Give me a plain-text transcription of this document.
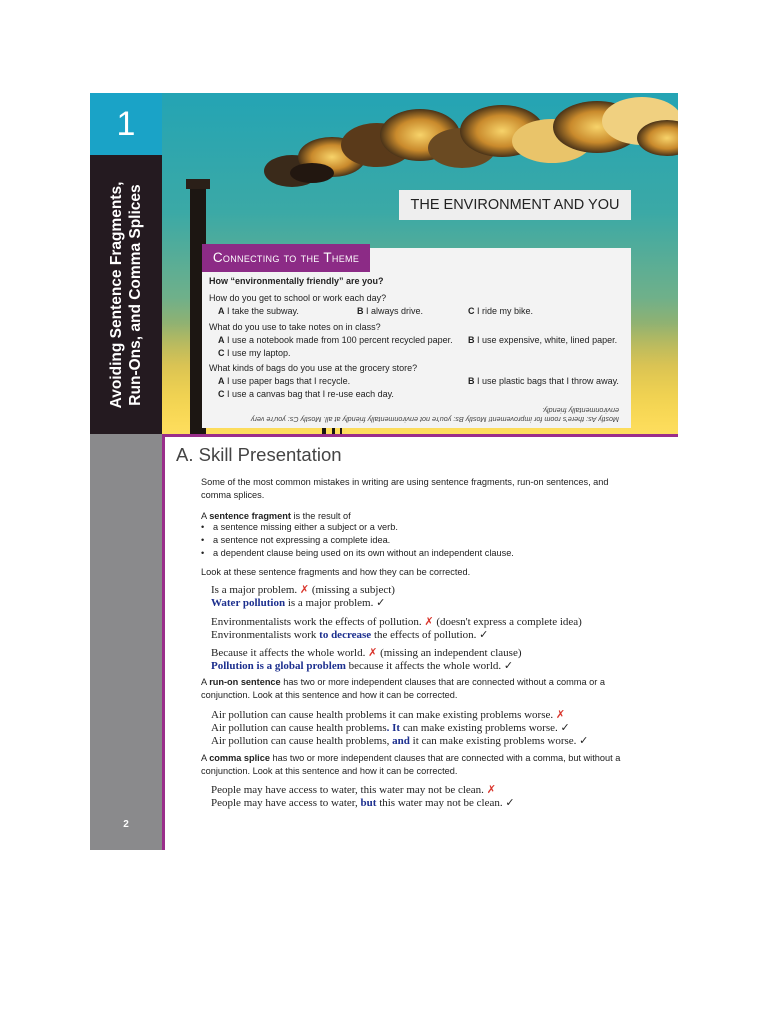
1
Avoiding Sentence Fragments, Run-Ons, and Comma Splices
2
How “environmentally friendly” are you?
How do you get to school or work each day?
A I take the subway.	B I always drive.	C I ride my bike.
What do you use to take notes on in class?
A I use a notebook made from 100 percent recycled paper. B I use expensive, white, lined paper.
C I use my laptop.
What kinds of bags do you use at the grocery store?
A I use paper bags that I recycle.	B I use plastic bags that I throw away.
C I use a canvas bag that I re-use each day.
Mostly As: there's room for improvement! Mostly Bs: you're not environmentally friendly at all. Mostly Cs: you're very environmentally friendly.
THE ENVIRONMENT AND YOU
Connecting to the Theme
A. Skill Presentation
Some of the most common mistakes in writing are using sentence fragments, run-on sentences, and comma splices.
A sentence fragment is the result of
• a sentence missing either a subject or a verb.
• a sentence not expressing a complete idea.
• a dependent clause being used on its own without an independent clause.
Look at these sentence fragments and how they can be corrected.
Is a major problem. ✗ (missing a subject)
Water pollution is a major problem. ✓
Environmentalists work the effects of pollution. ✗ (doesn't express a complete idea)
Environmentalists work to decrease the effects of pollution. ✓
Because it affects the whole world. ✗ (missing an independent clause)
Pollution is a global problem because it affects the whole world. ✓
A run-on sentence has two or more independent clauses that are connected without a comma or a conjunction. Look at this sentence and how it can be corrected.
Air pollution can cause health problems it can make existing problems worse. ✗
Air pollution can cause health problems. It can make existing problems worse. ✓
Air pollution can cause health problems, and it can make existing problems worse. ✓
A comma splice has two or more independent clauses that are connected with a comma, but without a conjunction. Look at this sentence and how it can be corrected.
People may have access to water, this water may not be clean. ✗
People may have access to water, but this water may not be clean. ✓
